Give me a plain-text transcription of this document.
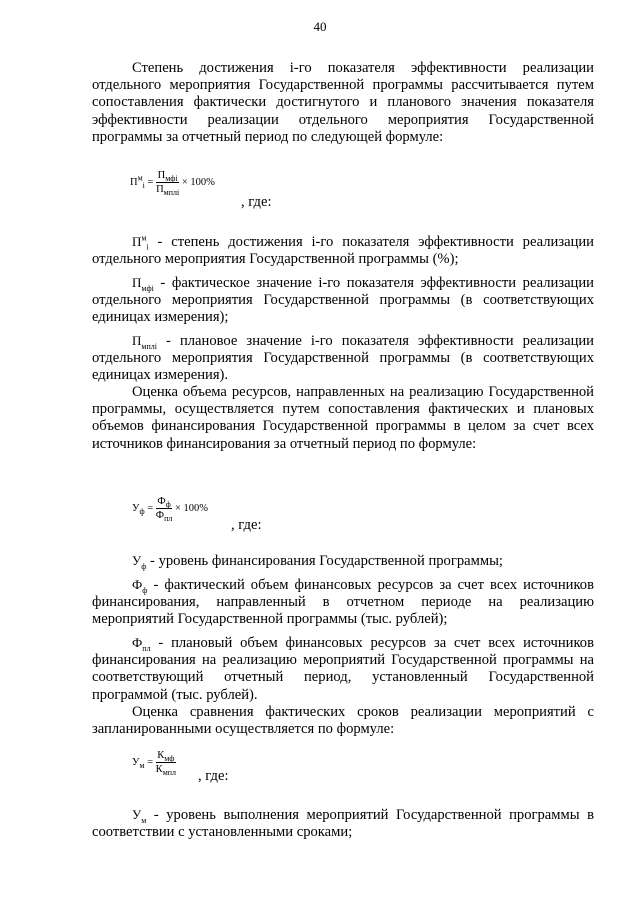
40
Степень достижения i-го показателя эффективности реализации отдельного мероприятия Государственной программы рассчитывается путем сопоставления фактически достигнутого и планового значения показателя эффективности реализации отдельного мероприятия Государственной программы за отчетный период по следующей формуле:
$П^м_i = \frac{П_{мфi}}{П_{мплi}} \times 100\%$
, где:
$П^м_i$ - степень достижения i-го показателя эффективности реализации отдельного мероприятия Государственной программы (%);
$П_{мфi}$ - фактическое значение i-го показателя эффективности реализации отдельного мероприятия Государственной программы (в соответствующих единицах измерения);
$П_{мплi}$ - плановое значение i-го показателя эффективности реализации отдельного мероприятия Государственной программы (в соответствующих единицах измерения).
Оценка объема ресурсов, направленных на реализацию Государственной программы, осуществляется путем сопоставления фактических и плановых объемов финансирования Государственной программы в целом за счет всех источников финансирования за отчетный период по формуле:
$У_ф = \frac{Ф_ф}{Ф_{пл}} \times 100\%$
, где:
$У_ф$ - уровень финансирования Государственной программы;
$Ф_ф$ - фактический объем финансовых ресурсов за счет всех источников финансирования, направленный в отчетном периоде на реализацию мероприятий Государственной программы (тыс. рублей);
$Ф_{пл}$ - плановый объем финансовых ресурсов за счет всех источников финансирования на реализацию мероприятий Государственной программы на соответствующий отчетный период, установленный Государственной программой (тыс. рублей).
Оценка сравнения фактических сроков реализации мероприятий с запланированными осуществляется по формуле:
$У_м = \frac{К_{мф}}{К_{мпл}}$
, где:
$У_м$ - уровень выполнения мероприятий Государственной программы в соответствии с установленными сроками;
